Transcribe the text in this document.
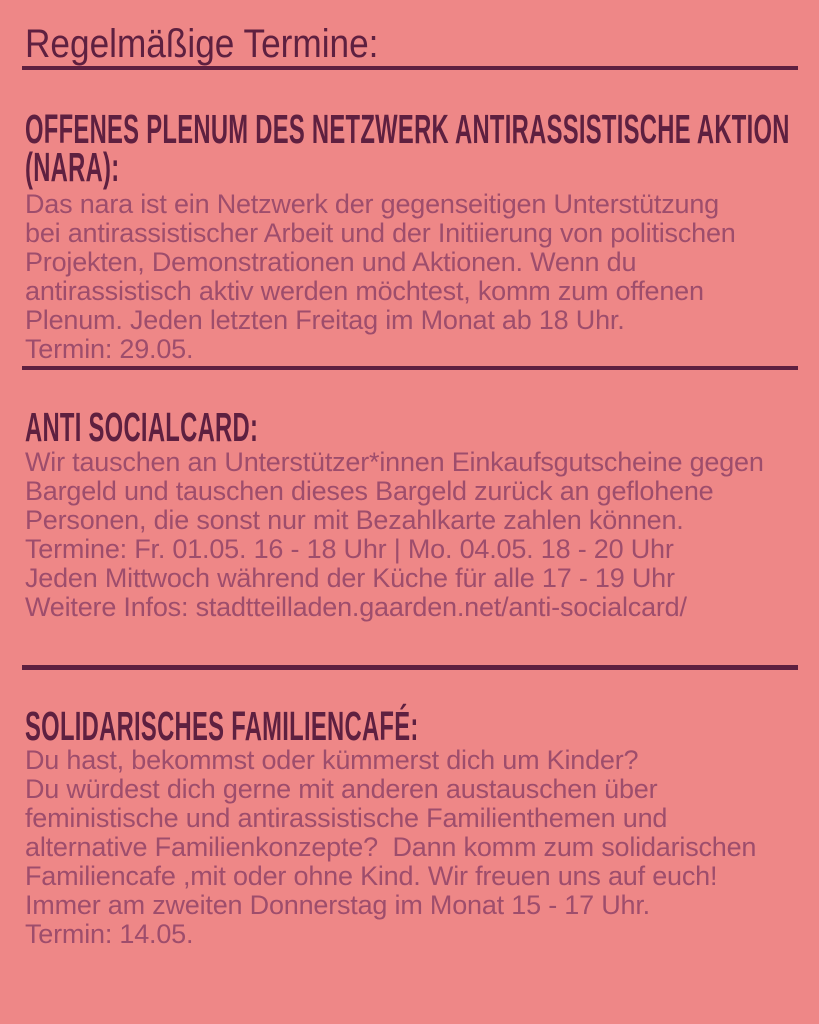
Regelmäßige Termine:
OFFENES PLENUM DES NETZWERK ANTIRASSISTISCHE AKTION
(NARA):
Das nara ist ein Netzwerk der gegenseitigen Unterstützung
bei antirassistischer Arbeit und der Initiierung von politischen
Projekten, Demonstrationen und Aktionen. Wenn du
antirassistisch aktiv werden möchtest, komm zum offenen
Plenum. Jeden letzten Freitag im Monat ab 18 Uhr.
Termin: 29.05.
ANTI SOCIALCARD:
Wir tauschen an Unterstützer*innen Einkaufsgutscheine gegen
Bargeld und tauschen dieses Bargeld zurück an geflohene
Personen, die sonst nur mit Bezahlkarte zahlen können.
Termine: Fr. 01.05. 16 - 18 Uhr | Mo. 04.05. 18 - 20 Uhr
Jeden Mittwoch während der Küche für alle 17 - 19 Uhr
Weitere Infos: stadtteilladen.gaarden.net/anti-socialcard/
SOLIDARISCHES FAMILIENCAFÉ:
Du hast, bekommst oder kümmerst dich um Kinder?
Du würdest dich gerne mit anderen austauschen über
feministische und antirassistische Familienthemen und
alternative Familienkonzepte?  Dann komm zum solidarischen
Familiencafe ,mit oder ohne Kind. Wir freuen uns auf euch!
Immer am zweiten Donnerstag im Monat 15 - 17 Uhr.
Termin: 14.05.
